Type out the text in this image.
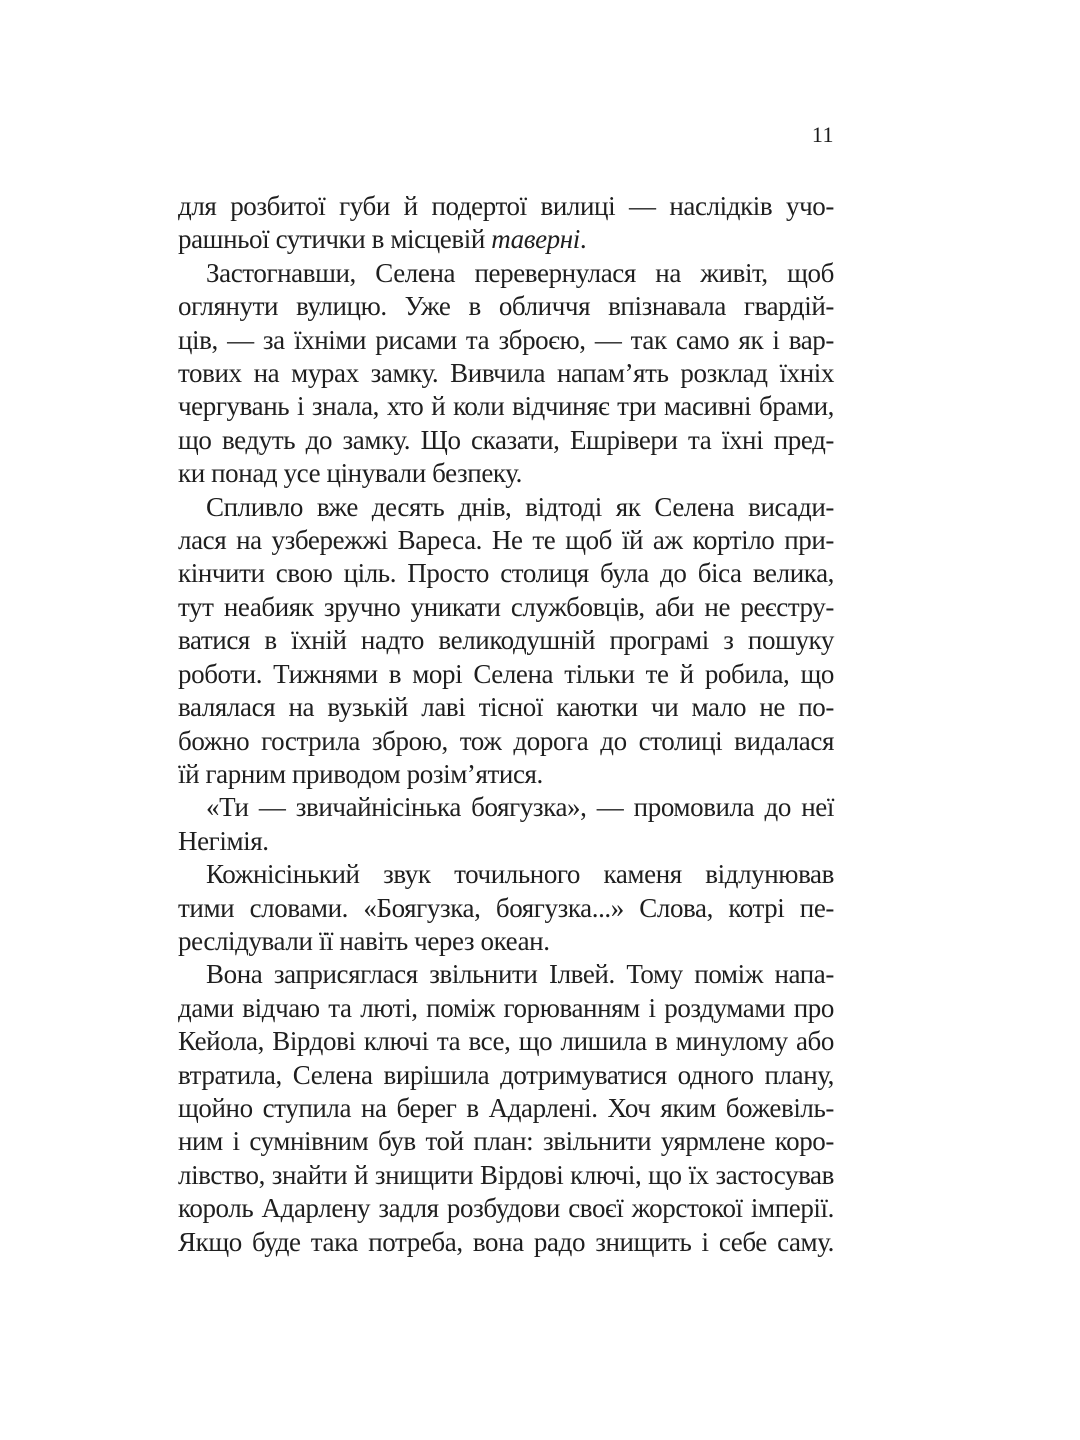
11
для розбитої губи й подертої вилиці — наслідків учо-
рашньої сутички в місцевій таверні.
Застогнавши, Селена перевернулася на живіт, щоб
оглянути вулицю. Уже в обличчя впізнавала гвардій-
ців, — за їхніми рисами та зброєю, — так само як і вар-
тових на мурах замку. Вивчила напам’ять розклад їхніх
чергувань і знала, хто й коли відчиняє три масивні брами,
що ведуть до замку. Що сказати, Ешрівери та їхні пред-
ки понад усе цінували безпеку.
Спливло вже десять днів, відтоді як Селена висади-
лася на узбережжі Вареса. Не те щоб їй аж кортіло при-
кінчити свою ціль. Просто столиця була до біса велика,
тут неабияк зручно уникати службовців, аби не реєстру-
ватися в їхній надто великодушній програмі з пошуку
роботи. Тижнями в морі Селена тільки те й робила, що
валялася на вузькій лаві тісної каютки чи мало не по-
божно гострила зброю, тож дорога до столиці видалася
їй гарним приводом розім’ятися.
«Ти — звичайнісінька боягузка», — промовила до неї
Негімія.
Кожнісінький звук точильного каменя відлунював
тими словами. «Боягузка, боягузка...» Слова, котрі пе-
реслідували її навіть через океан.
Вона заприсяглася звільнити Ілвей. Тому поміж напа-
дами відчаю та люті, поміж горюванням і роздумами про
Кейола, Вірдові ключі та все, що лишила в минулому або
втратила, Селена вирішила дотримуватися одного плану,
щойно ступила на берег в Адарлені. Хоч яким божевіль-
ним і сумнівним був той план: звільнити уярмлене коро-
лівство, знайти й знищити Вірдові ключі, що їх застосував
король Адарлену задля розбудови своєї жорстокої імперії.
Якщо буде така потреба, вона радо знищить і себе саму.
